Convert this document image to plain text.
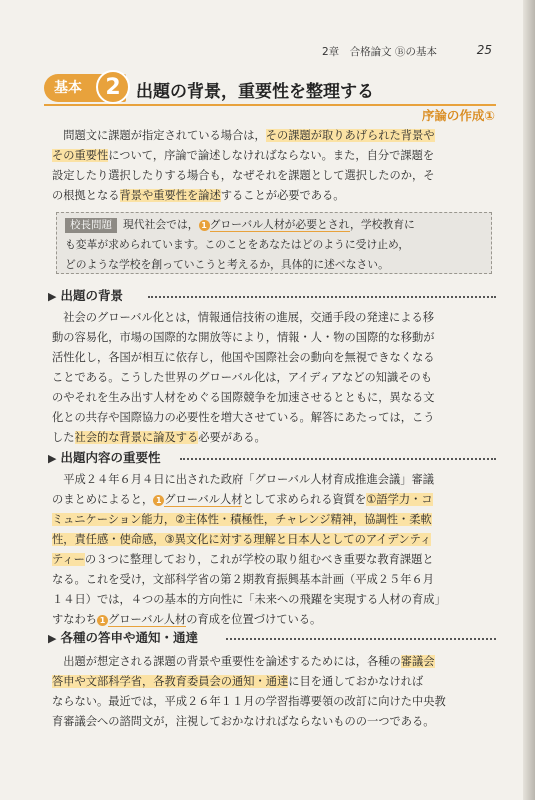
2章　合格論文 Ⓑの基本	25
基本	2 出題の背景，重要性を整理する
序論の作成①
　問題文に課題が指定されている場合は，その課題が取りあげられた背景や
その重要性について，序論で論述しなければならない。また，自分で課題を
設定したり選択したりする場合も，なぜそれを課題として選択したのか，そ
の根拠となる背景や重要性を論述することが必要である。
校長問題 現代社会では， 1 グローバル人材が必要とされ，学校教育に
も変革が求められています。このことをあなたはどのように受け止め，
どのような学校を創っていこうと考えるか，具体的に述べなさい。
▶ 出題の背景
　社会のグローバル化とは，情報通信技術の進展，交通手段の発達による移
動の容易化，市場の国際的な開放等により，情報・人・物の国際的な移動が
活性化し，各国が相互に依存し，他国や国際社会の動向を無視できなくなる
ことである。こうした世界のグローバル化は，アイディアなどの知識そのも
のやそれを生み出す人材をめぐる国際競争を加速させるとともに，異なる文
化との共存や国際協力の必要性を増大させている。解答にあたっては，こう
した社会的な背景に論及する必要がある。
▶ 出題内容の重要性
　平成２４年６月４日に出された政府「グローバル人材育成推進会議」審議
のまとめによると， 1 グローバル人材として求められる資質を①語学力・コ
ミュニケーション能力，②主体性・積極性，チャレンジ精神，協調性・柔軟
性，責任感・使命感，③異文化に対する理解と日本人としてのアイデンティ
ティーの３つに整理しており，これが学校の取り組むべき重要な教育課題と
なる。これを受け，文部科学省の第２期教育振興基本計画（平成２５年６月
１４日）では，４つの基本的方向性に「未来への飛躍を実現する人材の育成」
すなわち 1 グローバル人材の育成を位置づけている。
▶ 各種の答申や通知・通達
　出題が想定される課題の背景や重要性を論述するためには，各種の審議会
答申や文部科学省，各教育委員会の通知・通達に目を通しておかなければ
ならない。最近では，平成２６年１１月の学習指導要領の改訂に向けた中央教
育審議会への諮問文が，注視しておかなければならないものの一つである。
